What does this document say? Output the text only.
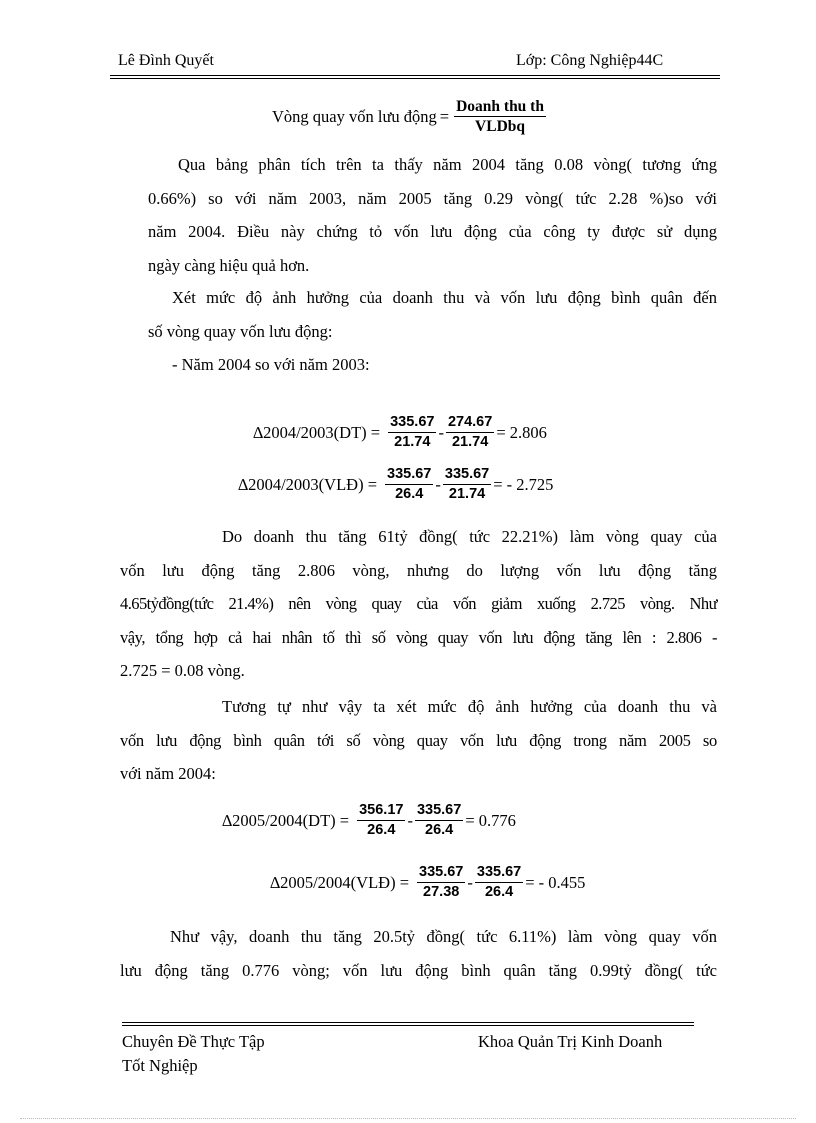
Lê Đình Quyết	Lớp: Công Nghiệp44C
Vòng quay vốn lưu động = $\frac{\text{Doanh thu th}}{\text{VLDbq}}$
Qua bảng phân tích trên ta thấy năm 2004 tăng 0.08 vòng( tương ứng
0.66%) so với năm 2003, năm 2005 tăng 0.29 vòng( tức 2.28 %)so với
năm 2004. Điều này chứng tỏ vốn lưu động của công ty được sử dụng
ngày càng hiệu quả hơn.
Xét mức độ ảnh hưởng của doanh thu và vốn lưu động bình quân đến
số vòng quay vốn lưu động:
- Năm 2004 so với năm 2003:
$\Delta 2004/2003(DT) = \frac{335.67}{21.74} - \frac{274.67}{21.74} = 2.806$
∆2004/2003(VLĐ) = $\frac{335.67}{26.4} - \frac{335.67}{21.74}$ = - 2.725
Do doanh thu tăng 61tỷ đồng( tức 22.21%) làm vòng quay của
vốn lưu động tăng 2.806 vòng, nhưng do lượng vốn lưu động tăng
4.65tỷđồng(tức 21.4%) nên vòng quay của vốn giảm xuống 2.725 vòng. Như
vậy, tổng hợp cả hai nhân tố thì số vòng quay vốn lưu động tăng lên : 2.806 -
2.725 = 0.08 vòng.
Tương tự như vậy ta xét mức độ ảnh hưởng của doanh thu và
vốn lưu động bình quân tới số vòng quay vốn lưu động trong năm 2005 so
với năm 2004:
$\Delta 2005/2004(DT) = \frac{356.17}{26.4} - \frac{335.67}{26.4} = 0.776$
∆2005/2004(VLĐ) = $\frac{335.67}{27.38} - \frac{335.67}{26.4}$ = - 0.455
Như vậy, doanh thu tăng 20.5tỷ đồng( tức 6.11%) làm vòng quay vốn
lưu động tăng 0.776 vòng; vốn lưu động bình quân tăng 0.99tỷ đồng( tức
Chuyên Đề Thực Tập
Tốt Nghiệp
Khoa Quản Trị Kinh Doanh
